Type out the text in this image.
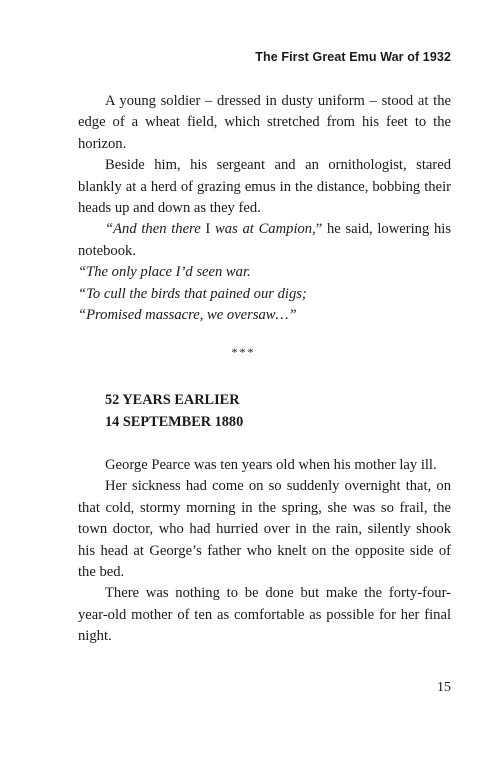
The First Great Emu War of 1932

A young soldier – dressed in dusty uniform – stood at the edge of a wheat field, which stretched from his feet to the horizon.

Beside him, his sergeant and an ornithologist, stared blankly at a herd of grazing emus in the distance, bobbing their heads up and down as they fed.

“And then there I was at Campion,” he said, lowering his notebook.

“The only place I’d seen war.

“To cull the birds that pained our digs;

“Promised massacre, we oversaw…”

***
52 YEARS EARLIER
14 SEPTEMBER 1880

George Pearce was ten years old when his mother lay ill.

Her sickness had come on so suddenly overnight that, on that cold, stormy morning in the spring, she was so frail, the town doctor, who had hurried over in the rain, silently shook his head at George’s father who knelt on the opposite side of the bed.

There was nothing to be done but make the forty-four-year-old mother of ten as comfortable as possible for her final night.

15
